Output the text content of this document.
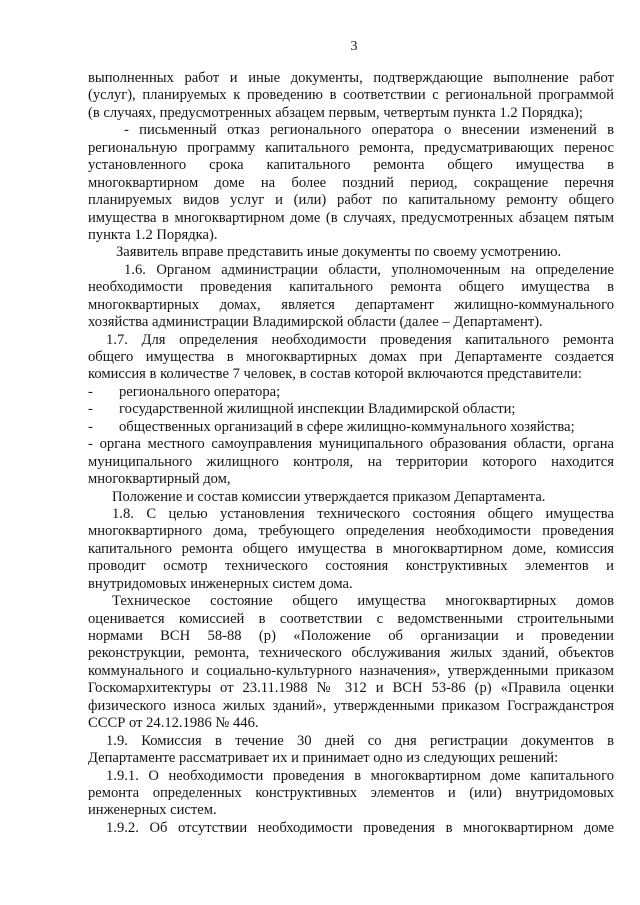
3
выполненных работ и иные документы, подтверждающие выполнение работ
(услуг), планируемых к проведению в соответствии с региональной программой
(в случаях, предусмотренных абзацем первым, четвертым пункта 1.2 Порядка);
- письменный отказ регионального оператора о внесении изменений в
региональную программу капитального ремонта, предусматривающих перенос
установленного срока капитального ремонта общего имущества в
многоквартирном доме на более поздний период, сокращение перечня
планируемых видов услуг и (или) работ по капитальному ремонту общего
имущества в многоквартирном доме (в случаях, предусмотренных абзацем пятым
пункта 1.2 Порядка).
Заявитель вправе представить иные документы по своему усмотрению.
1.6. Органом администрации области, уполномоченным на определение
необходимости проведения капитального ремонта общего имущества в
многоквартирных домах, является департамент жилищно-коммунального
хозяйства администрации Владимирской области (далее – Департамент).
1.7. Для определения необходимости проведения капитального ремонта
общего имущества в многоквартирных домах при Департаменте создается
комиссия в количестве 7 человек, в состав которой включаются представители:
-	регионального оператора;
-	государственной жилищной инспекции Владимирской области;
-	общественных организаций в сфере жилищно-коммунального хозяйства;
- органа местного самоуправления муниципального образования области, органа
муниципального жилищного контроля, на территории которого находится
многоквартирный дом,
Положение и состав комиссии утверждается приказом Департамента.
1.8. С целью установления технического состояния общего имущества
многоквартирного дома, требующего определения необходимости проведения
капитального ремонта общего имущества в многоквартирном доме, комиссия
проводит осмотр технического состояния конструктивных элементов и
внутридомовых инженерных систем дома.
Техническое состояние общего имущества многоквартирных домов
оценивается комиссией в соответствии с ведомственными строительными
нормами ВСН 58-88 (р) «Положение об организации и проведении
реконструкции, ремонта, технического обслуживания жилых зданий, объектов
коммунального и социально-культурного назначения», утвержденными приказом
Госкомархитектуры от 23.11.1988 № 312 и ВСН 53-86 (р) «Правила оценки
физического износа жилых зданий», утвержденными приказом Госгражданстроя
СССР от 24.12.1986 № 446.
1.9. Комиссия в течение 30 дней со дня регистрации документов в
Департаменте рассматривает их и принимает одно из следующих решений:
1.9.1. О необходимости проведения в многоквартирном доме капитального
ремонта определенных конструктивных элементов и (или) внутридомовых
инженерных систем.
1.9.2. Об отсутствии необходимости проведения в многоквартирном доме
